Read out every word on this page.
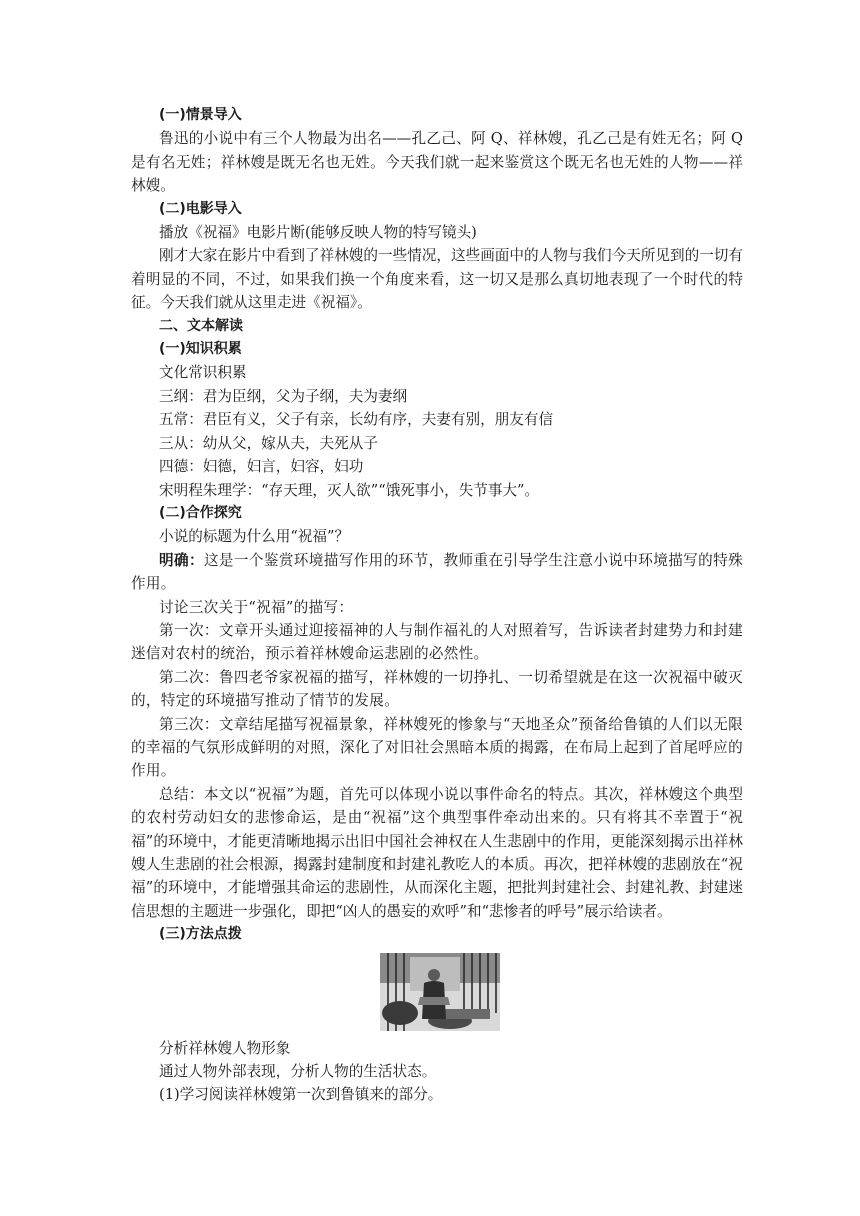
(一)情景导入

鲁迅的小说中有三个人物最为出名——孔乙己、阿 Q、祥林嫂，孔乙己是有姓无名；阿 Q 是有名无姓；祥林嫂是既无名也无姓。今天我们就一起来鉴赏这个既无名也无姓的人物——祥林嫂。

(二)电影导入

播放《祝福》电影片断(能够反映人物的特写镜头)

刚才大家在影片中看到了祥林嫂的一些情况，这些画面中的人物与我们今天所见到的一切有着明显的不同，不过，如果我们换一个角度来看，这一切又是那么真切地表现了一个时代的特征。今天我们就从这里走进《祝福》。

二、文本解读

(一)知识积累

文化常识积累

三纲：君为臣纲，父为子纲，夫为妻纲

五常：君臣有义，父子有亲，长幼有序，夫妻有别，朋友有信

三从：幼从父，嫁从夫，夫死从子

四德：妇德，妇言，妇容，妇功

宋明程朱理学：“存天理，灭人欲”“饿死事小，失节事大”。

(二)合作探究

小说的标题为什么用“祝福”？

明确：这是一个鉴赏环境描写作用的环节，教师重在引导学生注意小说中环境描写的特殊作用。

讨论三次关于“祝福”的描写：

第一次：文章开头通过迎接福神的人与制作福礼的人对照着写，告诉读者封建势力和封建迷信对农村的统治，预示着祥林嫂命运悲剧的必然性。

第二次：鲁四老爷家祝福的描写，祥林嫂的一切挣扎、一切希望就是在这一次祝福中破灭的，特定的环境描写推动了情节的发展。

第三次：文章结尾描写祝福景象，祥林嫂死的惨象与“天地圣众”预备给鲁镇的人们以无限的幸福的气氛形成鲜明的对照，深化了对旧社会黑暗本质的揭露，在布局上起到了首尾呼应的作用。

总结：本文以“祝福”为题，首先可以体现小说以事件命名的特点。其次，祥林嫂这个典型的农村劳动妇女的悲惨命运，是由“祝福”这个典型事件牵动出来的。只有将其不幸置于“祝福”的环境中，才能更清晰地揭示出旧中国社会神权在人生悲剧中的作用，更能深刻揭示出祥林嫂人生悲剧的社会根源，揭露封建制度和封建礼教吃人的本质。再次，把祥林嫂的悲剧放在“祝福”的环境中，才能增强其命运的悲剧性，从而深化主题，把批判封建社会、封建礼教、封建迷信思想的主题进一步强化，即把“凶人的愚妄的欢呼”和“悲惨者的呼号”展示给读者。

(三)方法点拨

分析祥林嫂人物形象

通过人物外部表现，分析人物的生活状态。

(1)学习阅读祥林嫂第一次到鲁镇来的部分。
